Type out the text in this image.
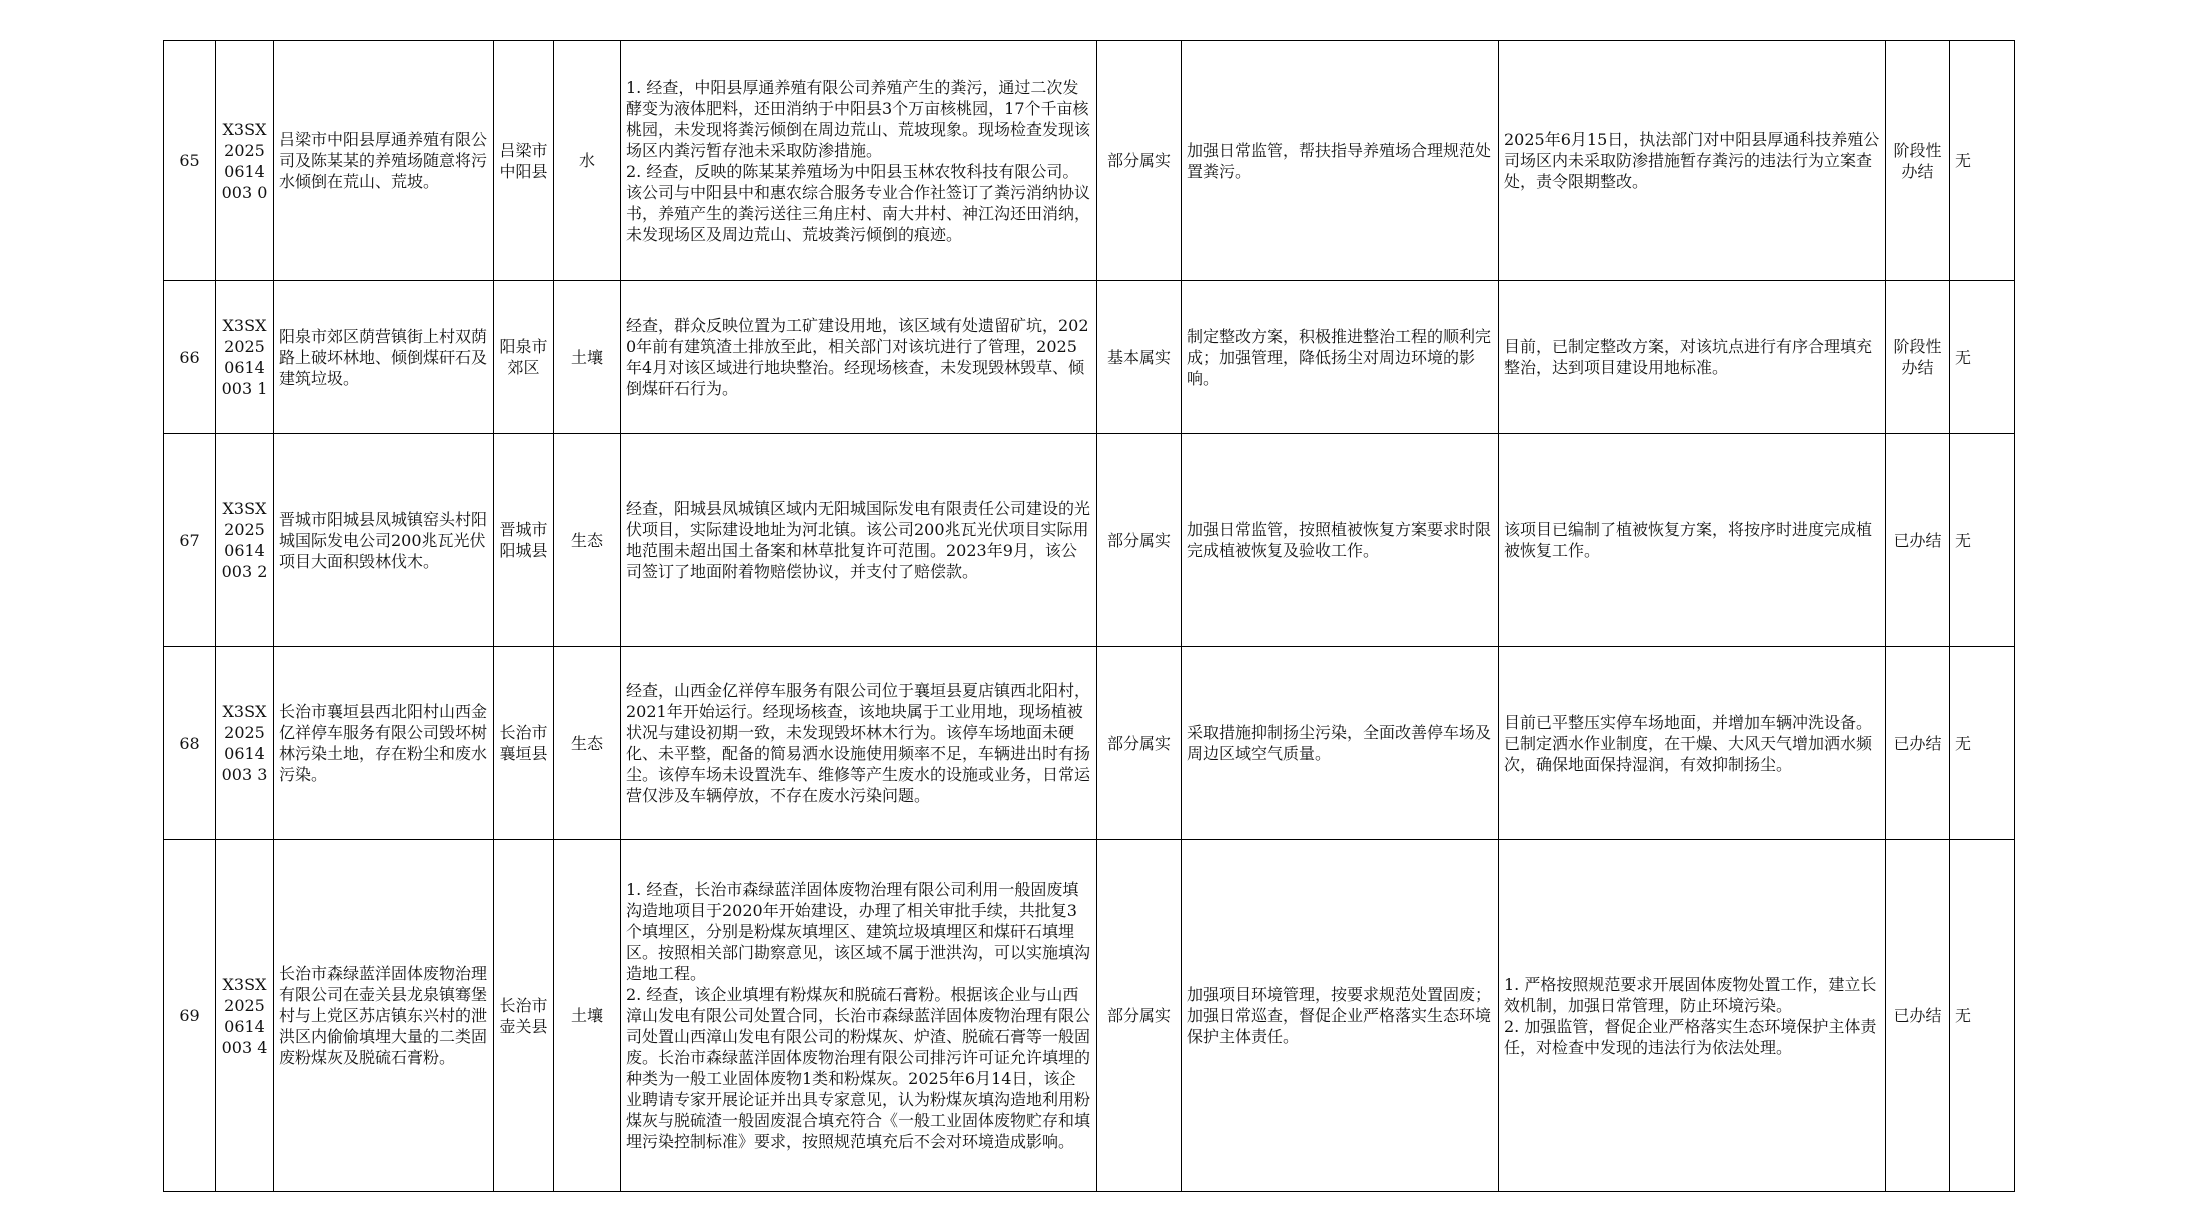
65	X3SX20250614003 0	吕梁市中阳县厚通养殖有限公司及陈某某的养殖场随意将污水倾倒在荒山、荒坡。	吕梁市中阳县	水	1. 经查，中阳县厚通养殖有限公司养殖产生的粪污，通过二次发酵变为液体肥料，还田消纳于中阳县3个万亩核桃园，17个千亩核桃园，未发现将粪污倾倒在周边荒山、荒坡现象。现场检查发现该场区内粪污暂存池未采取防渗措施。
2. 经查，反映的陈某某养殖场为中阳县玉林农牧科技有限公司。该公司与中阳县中和惠农综合服务专业合作社签订了粪污消纳协议书，养殖产生的粪污送往三角庄村、南大井村、神江沟还田消纳，未发现场区及周边荒山、荒坡粪污倾倒的痕迹。	部分属实	加强日常监管，帮扶指导养殖场合理规范处置粪污。	2025年6月15日，执法部门对中阳县厚通科技养殖公司场区内未采取防渗措施暂存粪污的违法行为立案查处，责令限期整改。	阶段性办结	无
66	X3SX20250614003 1	阳泉市郊区荫营镇街上村双荫路上破坏林地、倾倒煤矸石及建筑垃圾。	阳泉市郊区	土壤	经查，群众反映位置为工矿建设用地，该区域有处遗留矿坑，2020年前有建筑渣土排放至此，相关部门对该坑进行了管理，2025年4月对该区域进行地块整治。经现场核查，未发现毁林毁草、倾倒煤矸石行为。	基本属实	制定整改方案，积极推进整治工程的顺利完成；加强管理，降低扬尘对周边环境的影响。	目前，已制定整改方案，对该坑点进行有序合理填充整治，达到项目建设用地标准。	阶段性办结	无
67	X3SX20250614003 2	晋城市阳城县凤城镇窑头村阳城国际发电公司200兆瓦光伏项目大面积毁林伐木。	晋城市阳城县	生态	经查，阳城县凤城镇区域内无阳城国际发电有限责任公司建设的光伏项目，实际建设地址为河北镇。该公司200兆瓦光伏项目实际用地范围未超出国土备案和林草批复许可范围。2023年9月，该公司签订了地面附着物赔偿协议，并支付了赔偿款。	部分属实	加强日常监管，按照植被恢复方案要求时限完成植被恢复及验收工作。	该项目已编制了植被恢复方案，将按序时进度完成植被恢复工作。	已办结	无
68	X3SX20250614003 3	长治市襄垣县西北阳村山西金亿祥停车服务有限公司毁坏树林污染土地，存在粉尘和废水污染。	长治市襄垣县	生态	经查，山西金亿祥停车服务有限公司位于襄垣县夏店镇西北阳村，2021年开始运行。经现场核查，该地块属于工业用地，现场植被状况与建设初期一致，未发现毁坏林木行为。该停车场地面未硬化、未平整，配备的简易洒水设施使用频率不足，车辆进出时有扬尘。该停车场未设置洗车、维修等产生废水的设施或业务，日常运营仅涉及车辆停放，不存在废水污染问题。	部分属实	采取措施抑制扬尘污染，全面改善停车场及周边区域空气质量。	目前已平整压实停车场地面，并增加车辆冲洗设备。已制定洒水作业制度，在干燥、大风天气增加洒水频次，确保地面保持湿润，有效抑制扬尘。	已办结	无
69	X3SX20250614003 4	长治市森绿蓝洋固体废物治理有限公司在壶关县龙泉镇骞堡村与上党区苏店镇东兴村的泄洪区内偷偷填埋大量的二类固废粉煤灰及脱硫石膏粉。	长治市壶关县	土壤	1. 经查，长治市森绿蓝洋固体废物治理有限公司利用一般固废填沟造地项目于2020年开始建设，办理了相关审批手续，共批复3个填埋区，分别是粉煤灰填埋区、建筑垃圾填埋区和煤矸石填埋区。按照相关部门勘察意见，该区域不属于泄洪沟，可以实施填沟造地工程。
2. 经查，该企业填埋有粉煤灰和脱硫石膏粉。根据该企业与山西漳山发电有限公司处置合同，长治市森绿蓝洋固体废物治理有限公司处置山西漳山发电有限公司的粉煤灰、炉渣、脱硫石膏等一般固废。长治市森绿蓝洋固体废物治理有限公司排污许可证允许填埋的种类为一般工业固体废物1类和粉煤灰。2025年6月14日，该企业聘请专家开展论证并出具专家意见，认为粉煤灰填沟造地利用粉煤灰与脱硫渣一般固废混合填充符合《一般工业固体废物贮存和填埋污染控制标准》要求，按照规范填充后不会对环境造成影响。	部分属实	加强项目环境管理，按要求规范处置固废；加强日常巡查，督促企业严格落实生态环境保护主体责任。	1. 严格按照规范要求开展固体废物处置工作，建立长效机制，加强日常管理，防止环境污染。
2. 加强监管，督促企业严格落实生态环境保护主体责任，对检查中发现的违法行为依法处理。	已办结	无
